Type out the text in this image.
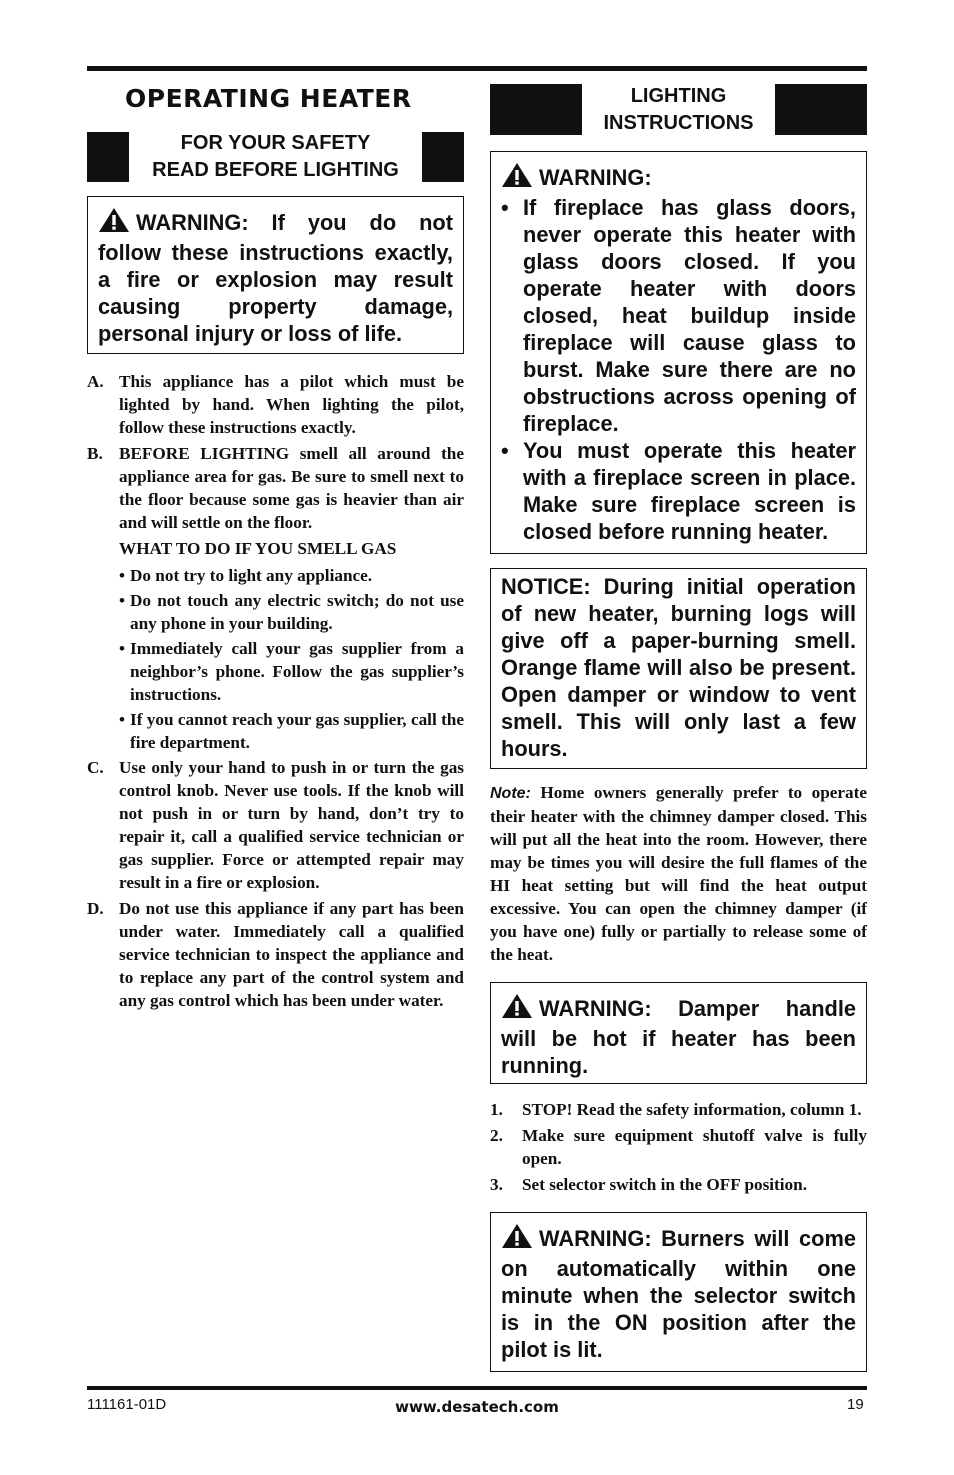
OPERATING HEATER
FOR YOUR SAFETY
READ BEFORE LIGHTING
WARNING: If you do not follow these instructions exactly, a fire or explosion may result causing property damage, personal injury or loss of life.
A. This appliance has a pilot which must be lighted by hand. When lighting the pilot, follow these instructions exactly.
B. BEFORE LIGHTING smell all around the appliance area for gas. Be sure to smell next to the floor because some gas is heavier than air and will settle on the floor.
WHAT TO DO IF YOU SMELL GAS
• Do not try to light any appliance.
• Do not touch any electric switch; do not use any phone in your building.
• Immediately call your gas supplier from a neighbor’s phone. Follow the gas supplier’s instructions.
• If you cannot reach your gas supplier, call the fire department.
C. Use only your hand to push in or turn the gas control knob. Never use tools. If the knob will not push in or turn by hand, don’t try to repair it, call a qualified service technician or gas supplier. Force or attempted repair may result in a fire or explosion.
D. Do not use this appliance if any part has been under water. Immediately call a qualified service technician to inspect the appliance and to replace any part of the control system and any gas control which has been under water.
LIGHTING
INSTRUCTIONS
WARNING:
• If fireplace has glass doors, never operate this heater with glass doors closed. If you operate heater with doors closed, heat buildup inside fireplace will cause glass to burst. Make sure there are no obstructions across opening of fireplace.
• You must operate this heater with a fireplace screen in place. Make sure fireplace screen is closed before running heater.
NOTICE: During initial operation of new heater, burning logs will give off a paper-burning smell. Orange flame will also be present. Open damper or window to vent smell. This will only last a few hours.
Note: Home owners generally prefer to operate their heater with the chimney damper closed. This will put all the heat into the room. However, there may be times you will desire the full flames of the HI heat setting but will find the heat output excessive. You can open the chimney damper (if you have one) fully or partially to release some of the heat.
WARNING: Damper handle will be hot if heater has been running.
1.	STOP! Read the safety information, column 1.
2.	Make sure equipment shutoff valve is fully open.
3.	Set selector switch in the OFF position.
WARNING: Burners will come on automatically within one minute when the selector switch is in the ON position after the pilot is lit.
111161-01D	www.desatech.com	19
